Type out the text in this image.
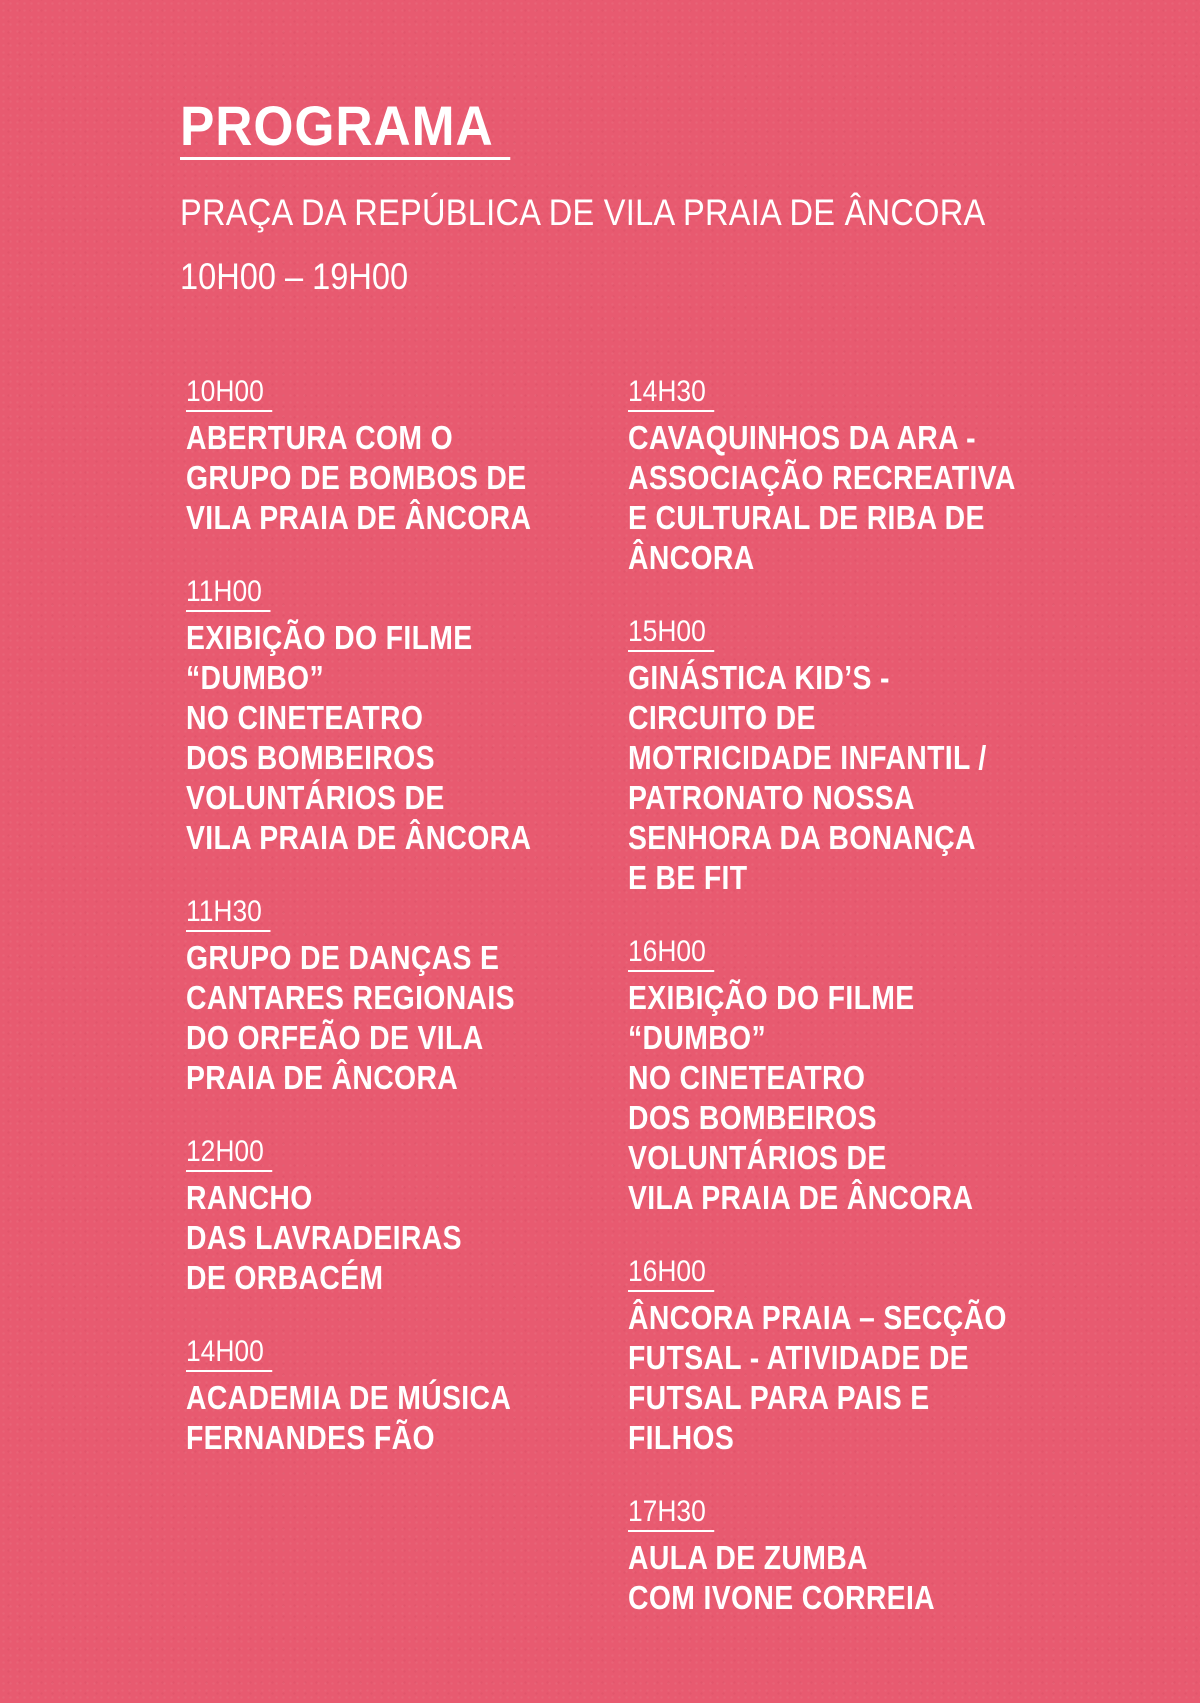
PROGRAMA
PRAÇA DA REPÚBLICA DE VILA PRAIA DE ÂNCORA
10H00 – 19H00
10H00
ABERTURA COM O
GRUPO DE BOMBOS DE
VILA PRAIA DE ÂNCORA
11H00
EXIBIÇÃO DO FILME
“DUMBO”
NO CINETEATRO
DOS BOMBEIROS
VOLUNTÁRIOS DE
VILA PRAIA DE ÂNCORA
11H30
GRUPO DE DANÇAS E
CANTARES REGIONAIS
DO ORFEÃO DE VILA
PRAIA DE ÂNCORA
12H00
RANCHO
DAS LAVRADEIRAS
DE ORBACÉM
14H00
ACADEMIA DE MÚSICA
FERNANDES FÃO
14H30
CAVAQUINHOS DA ARA -
ASSOCIAÇÃO RECREATIVA
E CULTURAL DE RIBA DE
ÂNCORA
15H00
GINÁSTICA KID’S -
CIRCUITO DE
MOTRICIDADE INFANTIL /
PATRONATO NOSSA
SENHORA DA BONANÇA
E BE FIT
16H00
EXIBIÇÃO DO FILME
“DUMBO”
NO CINETEATRO
DOS BOMBEIROS
VOLUNTÁRIOS DE
VILA PRAIA DE ÂNCORA
16H00
ÂNCORA PRAIA – SECÇÃO
FUTSAL - ATIVIDADE DE
FUTSAL PARA PAIS E
FILHOS
17H30
AULA DE ZUMBA
COM IVONE CORREIA
